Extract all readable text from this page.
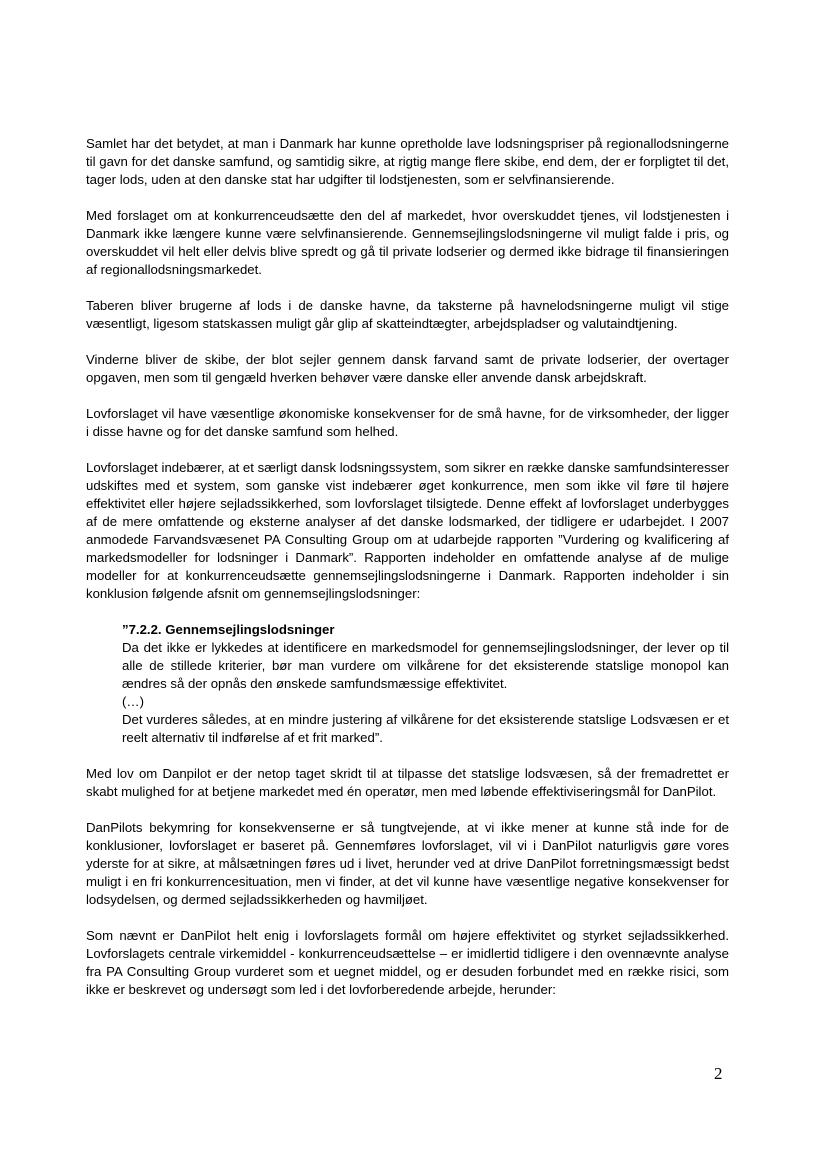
Samlet har det betydet, at man i Danmark har kunne opretholde lave lodsningspriser på regionallodsningerne til gavn for det danske samfund, og samtidig sikre, at rigtig mange flere skibe, end dem, der er forpligtet til det, tager lods, uden at den danske stat har udgifter til lodstjenesten, som er selvfinansierende.

Med forslaget om at konkurrenceudsætte den del af markedet, hvor overskuddet tjenes, vil lodstjenesten i Danmark ikke længere kunne være selvfinansierende. Gennemsejlingslodsningerne vil muligt falde i pris, og overskuddet vil helt eller delvis blive spredt og gå til private lodserier og dermed ikke bidrage til finansieringen af regionallodsningsmarkedet.

Taberen bliver brugerne af lods i de danske havne, da taksterne på havnelodsningerne muligt vil stige væsentligt, ligesom statskassen muligt går glip af skatteindtægter, arbejdspladser og valutaindtjening.

Vinderne bliver de skibe, der blot sejler gennem dansk farvand samt de private lodserier, der overtager opgaven, men som til gengæld hverken behøver være danske eller anvende dansk arbejdskraft.

Lovforslaget vil have væsentlige økonomiske konsekvenser for de små havne, for de virksomheder, der ligger i disse havne og for det danske samfund som helhed.

Lovforslaget indebærer, at et særligt dansk lodsningssystem, som sikrer en række danske samfundsinteresser udskiftes med et system, som ganske vist indebærer øget konkurrence, men som ikke vil føre til højere effektivitet eller højere sejladssikkerhed, som lovforslaget tilsigtede. Denne effekt af lovforslaget underbygges af de mere omfattende og eksterne analyser af det danske lodsmarked, der tidligere er udarbejdet. I 2007 anmodede Farvandsvæsenet PA Consulting Group om at udarbejde rapporten ”Vurdering og kvalificering af markedsmodeller for lodsninger i Danmark”. Rapporten indeholder en omfattende analyse af de mulige modeller for at konkurrenceudsætte gennemsejlingslodsningerne i Danmark. Rapporten indeholder i sin konklusion følgende afsnit om gennemsejlingslodsninger:

”7.2.2. Gennemsejlingslodsninger
Da det ikke er lykkedes at identificere en markedsmodel for gennemsejlingslodsninger, der lever op til alle de stillede kriterier, bør man vurdere om vilkårene for det eksisterende statslige monopol kan ændres så der opnås den ønskede samfundsmæssige effektivitet.
(…)
Det vurderes således, at en mindre justering af vilkårene for det eksisterende statslige Lodsvæsen er et reelt alternativ til indførelse af et frit marked”.

Med lov om Danpilot er der netop taget skridt til at tilpasse det statslige lodsvæsen, så der fremadrettet er skabt mulighed for at betjene markedet med én operatør, men med løbende effektiviseringsmål for DanPilot.

DanPilots bekymring for konsekvenserne er så tungtvejende, at vi ikke mener at kunne stå inde for de konklusioner, lovforslaget er baseret på. Gennemføres lovforslaget, vil vi i DanPilot naturligvis gøre vores yderste for at sikre, at målsætningen føres ud i livet, herunder ved at drive DanPilot forretningsmæssigt bedst muligt i en fri konkurrencesituation, men vi finder, at det vil kunne have væsentlige negative konsekvenser for lodsydelsen, og dermed sejladssikkerheden og havmiljøet.

Som nævnt er DanPilot helt enig i lovforslagets formål om højere effektivitet og styrket sejladssikkerhed. Lovforslagets centrale virkemiddel - konkurrenceudsættelse – er imidlertid tidligere i den ovennævnte analyse fra PA Consulting Group vurderet som et uegnet middel, og er desuden forbundet med en række risici, som ikke er beskrevet og undersøgt som led i det lovforberedende arbejde, herunder:

2
